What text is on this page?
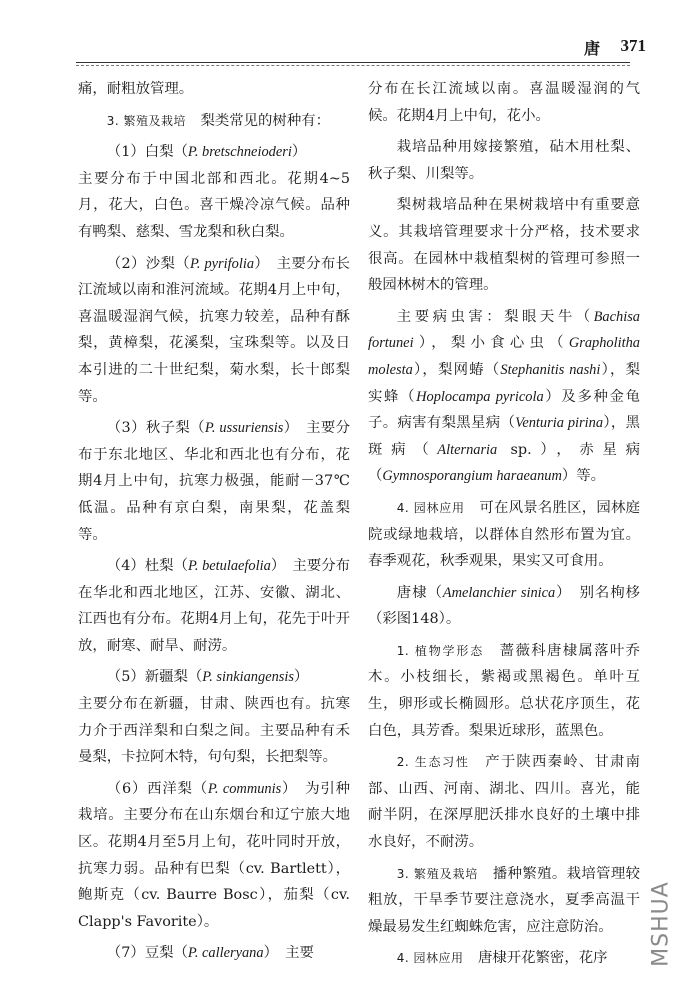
唐 371

痛，耐粗放管理。

3. 繁殖及栽培　 梨类常见的树种有：

（1）白梨（P. bretschneioderi）

主要分布于中国北部和西北。花期4~5月，花大，白色。喜干燥冷凉气候。品种有鸭梨、慈梨、雪龙梨和秋白梨。

（2）沙梨（P. pyrifolia）　主要分布长江流域以南和淮河流域。花期4月上中旬，喜温暖湿润气候，抗寒力较差，品种有酥梨，黄樟梨，花溪梨，宝珠梨等。以及日本引进的二十世纪梨，菊水梨，长十郎梨等。

（3）秋子梨（P. ussuriensis）　主要分布于东北地区、华北和西北也有分布，花期4月上中旬，抗寒力极强，能耐－37℃低温。品种有京白梨，南果梨，花盖梨等。

（4）杜梨（P. betulaefolia）　主要分布在华北和西北地区，江苏、安徽、湖北、江西也有分布。花期4月上旬，花先于叶开放，耐寒、耐旱、耐涝。

（5）新疆梨（P. sinkiangensis）

主要分布在新疆，甘肃、陕西也有。抗寒力介于西洋梨和白梨之间。主要品种有禾曼梨，卡拉阿木特，句句梨，长把梨等。

（6）西洋梨（P. communis）　为引种栽培。主要分布在山东烟台和辽宁旅大地区。花期4月至5月上旬，花叶同时开放，抗寒力弱。品种有巴梨（cv. Bartlett），鲍斯克（cv. Baurre Bosc），茄梨（cv. Clapp's Favorite）。

（7）豆梨（P. calleryana）　主要

分布在长江流域以南。喜温暖湿润的气候。花期4月上中旬，花小。

栽培品种用嫁接繁殖，砧木用杜梨、秋子梨、川梨等。

梨树栽培品种在果树栽培中有重要意义。其栽培管理要求十分严格，技术要求很高。在园林中栽植梨树的管理可参照一般园林树木的管理。

主要病虫害：梨眼天牛（Bachisa fortunei），梨小食心虫（Grapholitha molesta），梨网蝽（Stephanitis nashi），梨实蜂（Hoplocampa pyricola）及多种金龟子。病害有梨黑星病（Venturia pirina），黑斑病（Alternaria sp.），赤星病（Gymnosporangium haraeanum）等。

4. 园林应用　 可在风景名胜区，园林庭院或绿地栽培，以群体自然形布置为宜。春季观花，秋季观果，果实又可食用。

唐棣（Amelanchier sinica）　别名栒栘（彩图148）。

1. 植物学形态　 蔷薇科唐棣属落叶乔木。小枝细长，紫褐或黑褐色。单叶互生，卵形或长椭圆形。总状花序顶生，花白色，具芳香。梨果近球形，蓝黑色。

2. 生态习性　 产于陕西秦岭、甘肃南部、山西、河南、湖北、四川。喜光，能耐半阴，在深厚肥沃排水良好的土壤中排水良好，不耐涝。

3. 繁殖及栽培　 播种繁殖。栽培管理较粗放，干旱季节要注意浇水，夏季高温干燥最易发生红蜘蛛危害，应注意防治。

4. 园林应用　 唐棣开花繁密，花序	MSHUA
